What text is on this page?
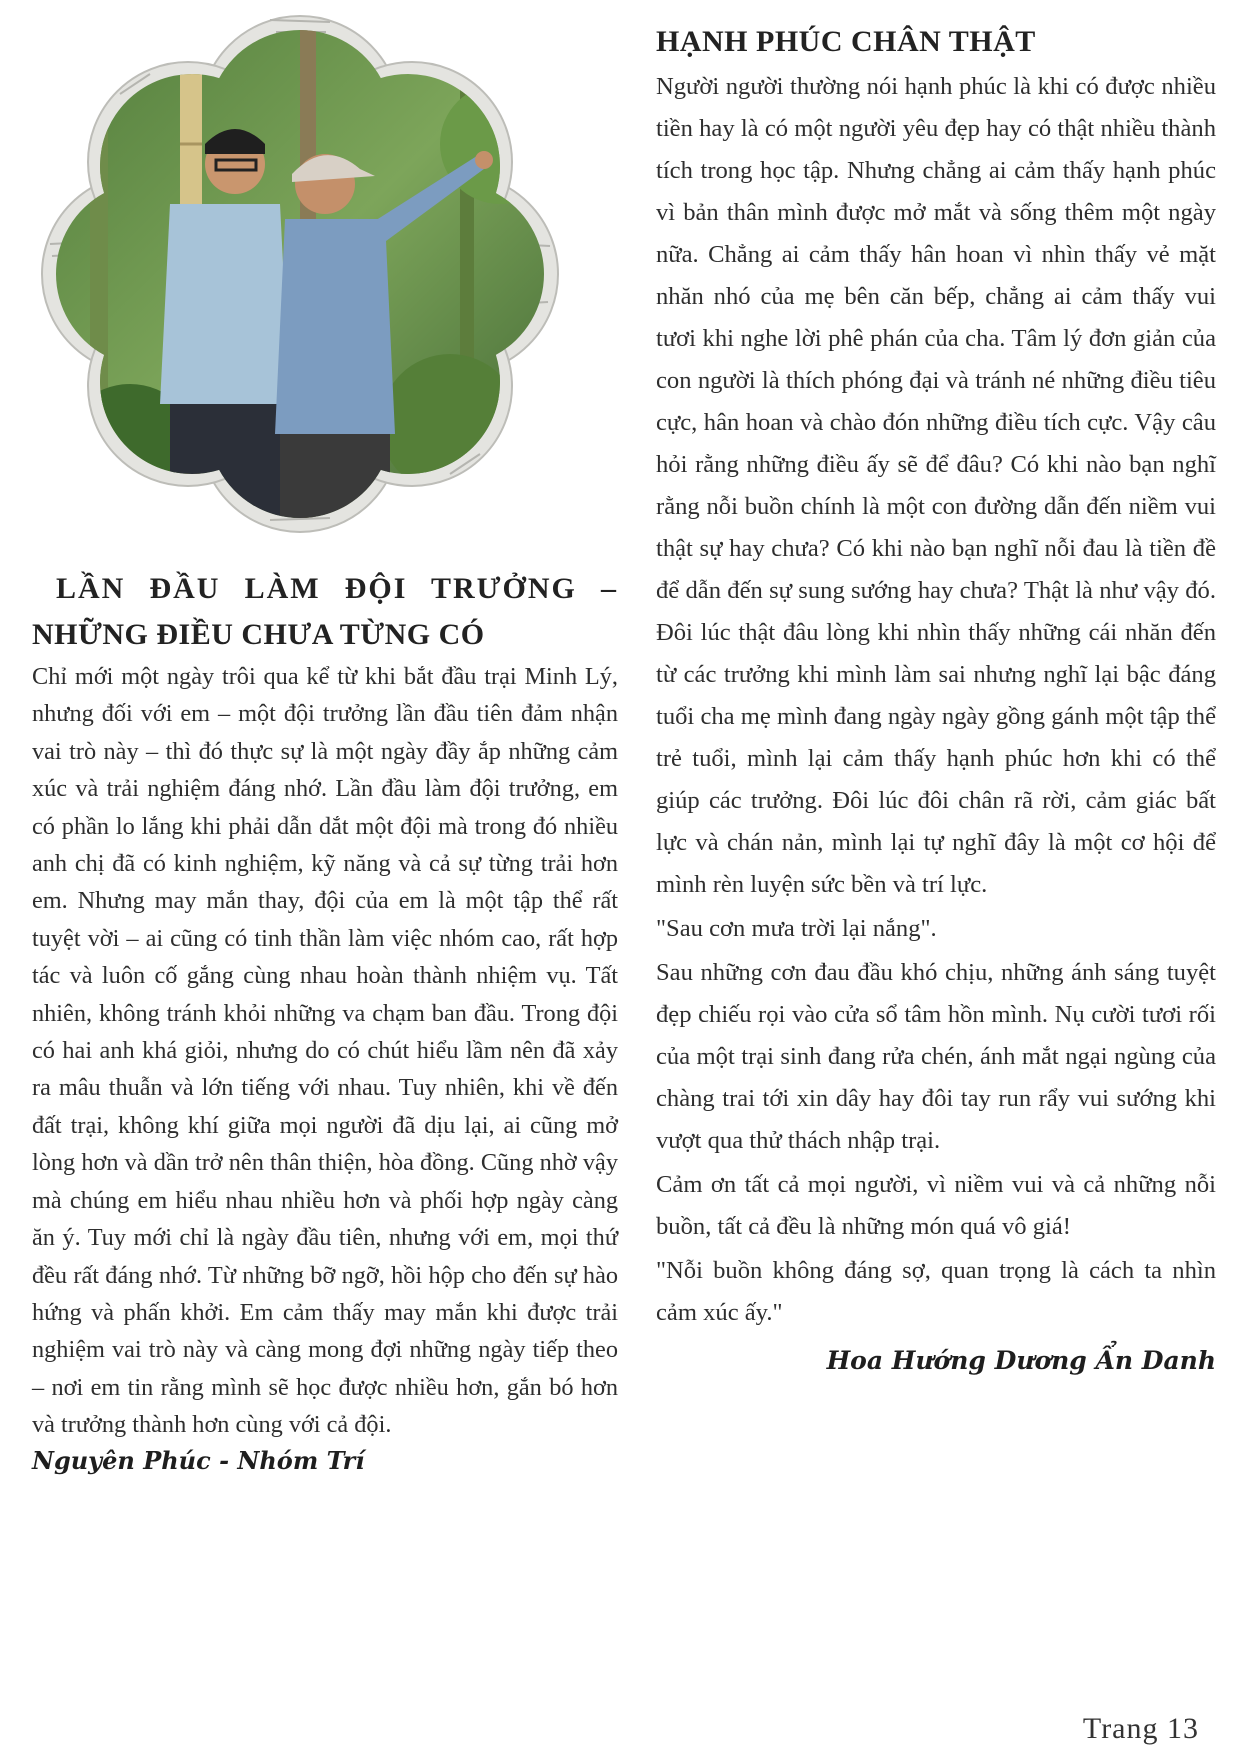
LẦN ĐẦU LÀM ĐỘI TRƯỞNG –
NHỮNG ĐIỀU CHƯA TỪNG CÓ

Chỉ mới một ngày trôi qua kể từ khi bắt đầu trại Minh Lý, nhưng đối với em – một đội trưởng lần đầu tiên đảm nhận vai trò này – thì đó thực sự là một ngày đầy ắp những cảm xúc và trải nghiệm đáng nhớ. Lần đầu làm đội trưởng, em có phần lo lắng khi phải dẫn dắt một đội mà trong đó nhiều anh chị đã có kinh nghiệm, kỹ năng và cả sự từng trải hơn em. Nhưng may mắn thay, đội của em là một tập thể rất tuyệt vời – ai cũng có tinh thần làm việc nhóm cao, rất hợp tác và luôn cố gắng cùng nhau hoàn thành nhiệm vụ. Tất nhiên, không tránh khỏi những va chạm ban đầu. Trong đội có hai anh khá giỏi, nhưng do có chút hiểu lầm nên đã xảy ra mâu thuẫn và lớn tiếng với nhau. Tuy nhiên, khi về đến đất trại, không khí giữa mọi người đã dịu lại, ai cũng mở lòng hơn và dần trở nên thân thiện, hòa đồng. Cũng nhờ vậy mà chúng em hiểu nhau nhiều hơn và phối hợp ngày càng ăn ý. Tuy mới chỉ là ngày đầu tiên, nhưng với em, mọi thứ đều rất đáng nhớ. Từ những bỡ ngỡ, hồi hộp cho đến sự hào hứng và phấn khởi. Em cảm thấy may mắn khi được trải nghiệm vai trò này và càng mong đợi những ngày tiếp theo – nơi em tin rằng mình sẽ học được nhiều hơn, gắn bó hơn và trưởng thành hơn cùng với cả đội.

Nguyên Phúc - Nhóm Trí
HẠNH PHÚC CHÂN THẬT

Người người thường nói hạnh phúc là khi có được nhiều tiền hay là có một người yêu đẹp hay có thật nhiều thành tích trong học tập. Nhưng chẳng ai cảm thấy hạnh phúc vì bản thân mình được mở mắt và sống thêm một ngày nữa. Chẳng ai cảm thấy hân hoan vì nhìn thấy vẻ mặt nhăn nhó của mẹ bên căn bếp, chẳng ai cảm thấy vui tươi khi nghe lời phê phán của cha. Tâm lý đơn giản của con người là thích phóng đại và tránh né những điều tiêu cực, hân hoan và chào đón những điều tích cực. Vậy câu hỏi rằng những điều ấy sẽ để đâu? Có khi nào bạn nghĩ rằng nỗi buồn chính là một con đường dẫn đến niềm vui thật sự hay chưa? Có khi nào bạn nghĩ nỗi đau là tiền đề để dẫn đến sự sung sướng hay chưa? Thật là như vậy đó. Đôi lúc thật đâu lòng khi nhìn thấy những cái nhăn đến từ các trưởng khi mình làm sai nhưng nghĩ lại bậc đáng tuổi cha mẹ mình đang ngày ngày gồng gánh một tập thể trẻ tuổi, mình lại cảm thấy hạnh phúc hơn khi có thể giúp các trưởng. Đôi lúc đôi chân rã rời, cảm giác bất lực và chán nản, mình lại tự nghĩ đây là một cơ hội để mình rèn luyện sức bền và trí lực.

"Sau cơn mưa trời lại nắng".

Sau những cơn đau đầu khó chịu, những ánh sáng tuyệt đẹp chiếu rọi vào cửa sổ tâm hồn mình. Nụ cười tươi rối của một trại sinh đang rửa chén, ánh mắt ngại ngùng của chàng trai tới xin dây hay đôi tay run rẩy vui sướng khi vượt qua thử thách nhập trại.

Cảm ơn tất cả mọi người, vì niềm vui và cả những nỗi buồn, tất cả đều là những món quá vô giá!

"Nỗi buồn không đáng sợ, quan trọng là cách ta nhìn cảm xúc ấy."

Hoa Hướng Dương Ẩn Danh
Trang 13
